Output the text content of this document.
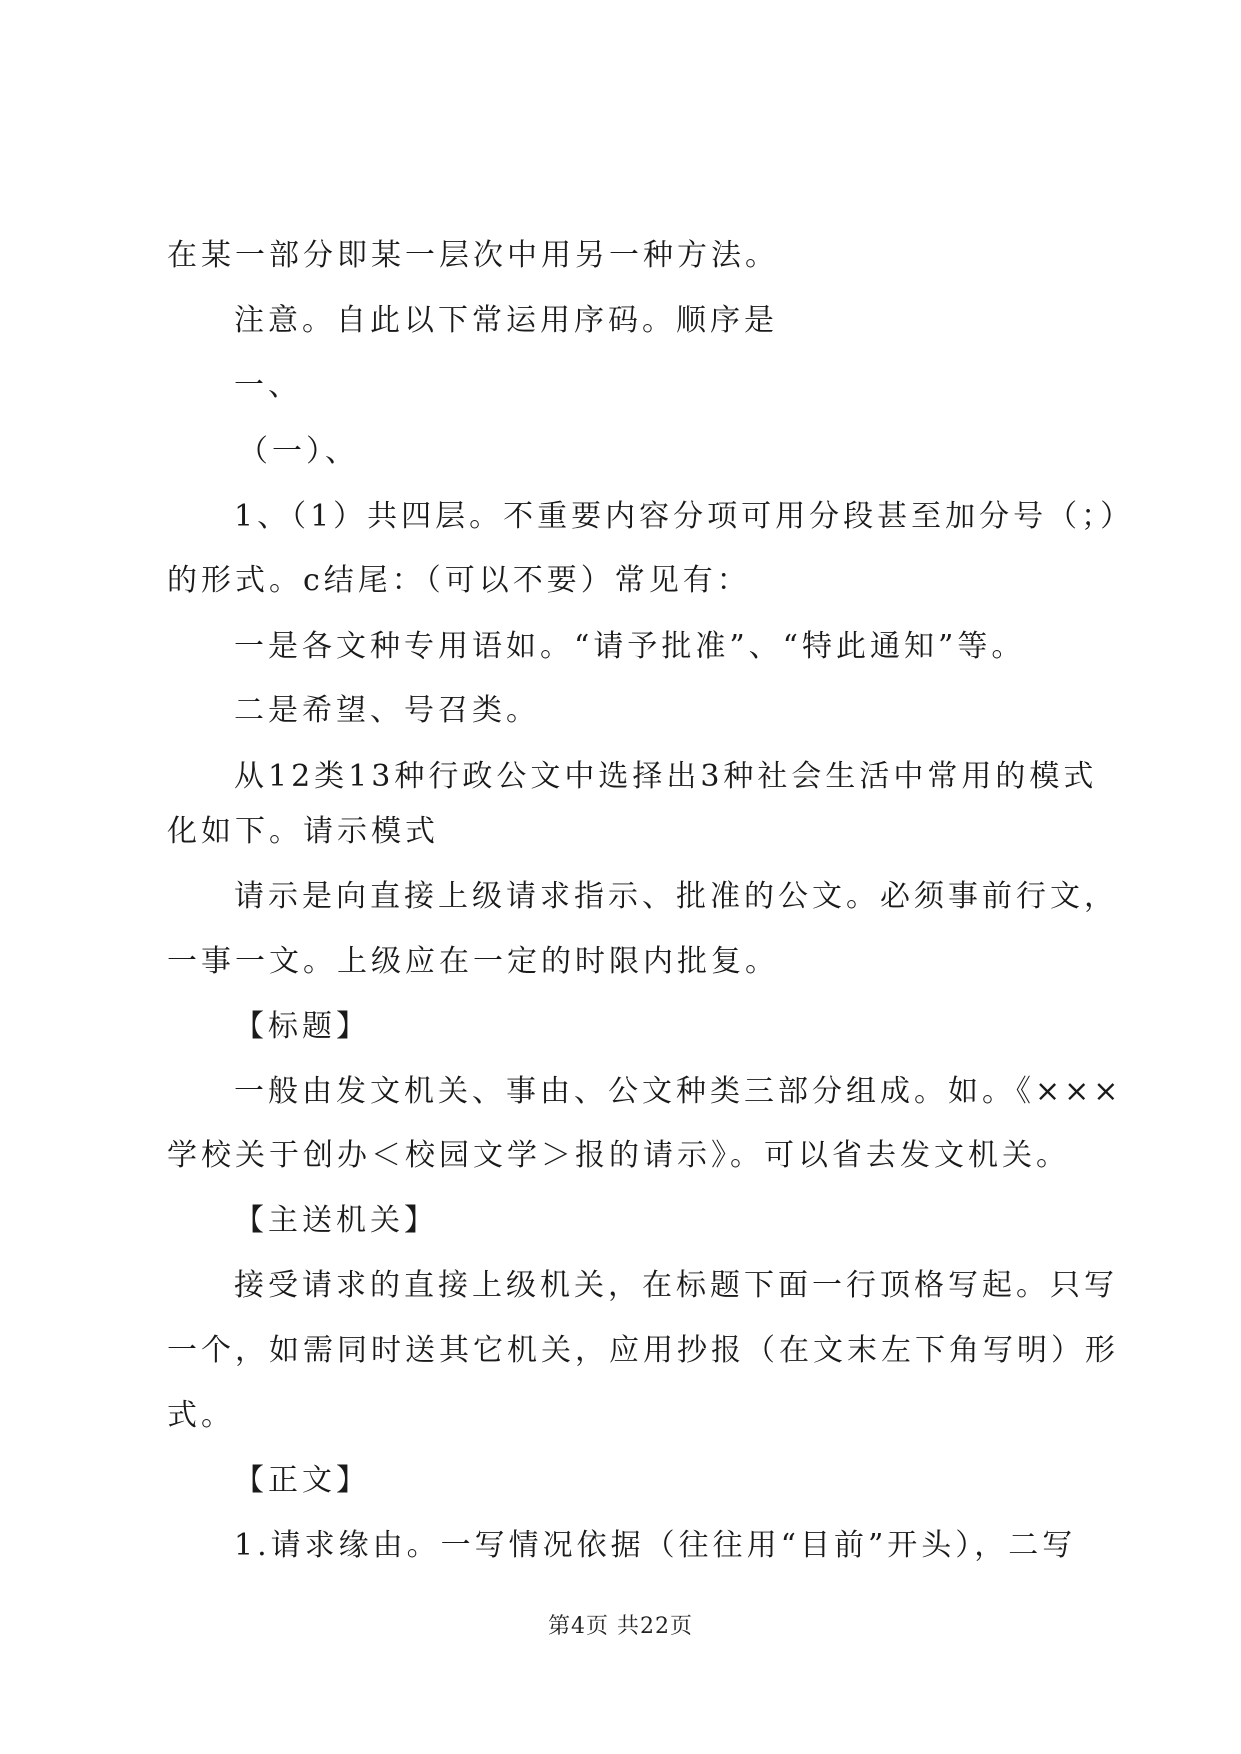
在某一部分即某一层次中用另一种方法。
注意。自此以下常运用序码。顺序是
一、
（一）、
1、（1）共四层。不重要内容分项可用分段甚至加分号（；）
的形式。c结尾：（可以不要）常见有：
一是各文种专用语如。“请予批准”、“特此通知”等。
二是希望、号召类。
从12类13种行政公文中选择出3种社会生活中常用的模式
化如下。请示模式
请示是向直接上级请求指示、批准的公文。必须事前行文，
一事一文。上级应在一定的时限内批复。
【标题】
一般由发文机关、事由、公文种类三部分组成。如。《×××
学校关于创办＜校园文学＞报的请示》。可以省去发文机关。
【主送机关】
接受请求的直接上级机关，在标题下面一行顶格写起。只写
一个，如需同时送其它机关，应用抄报（在文末左下角写明）形
式。
【正文】
1.请求缘由。一写情况依据（往往用“目前”开头），二写
第4页 共22页
